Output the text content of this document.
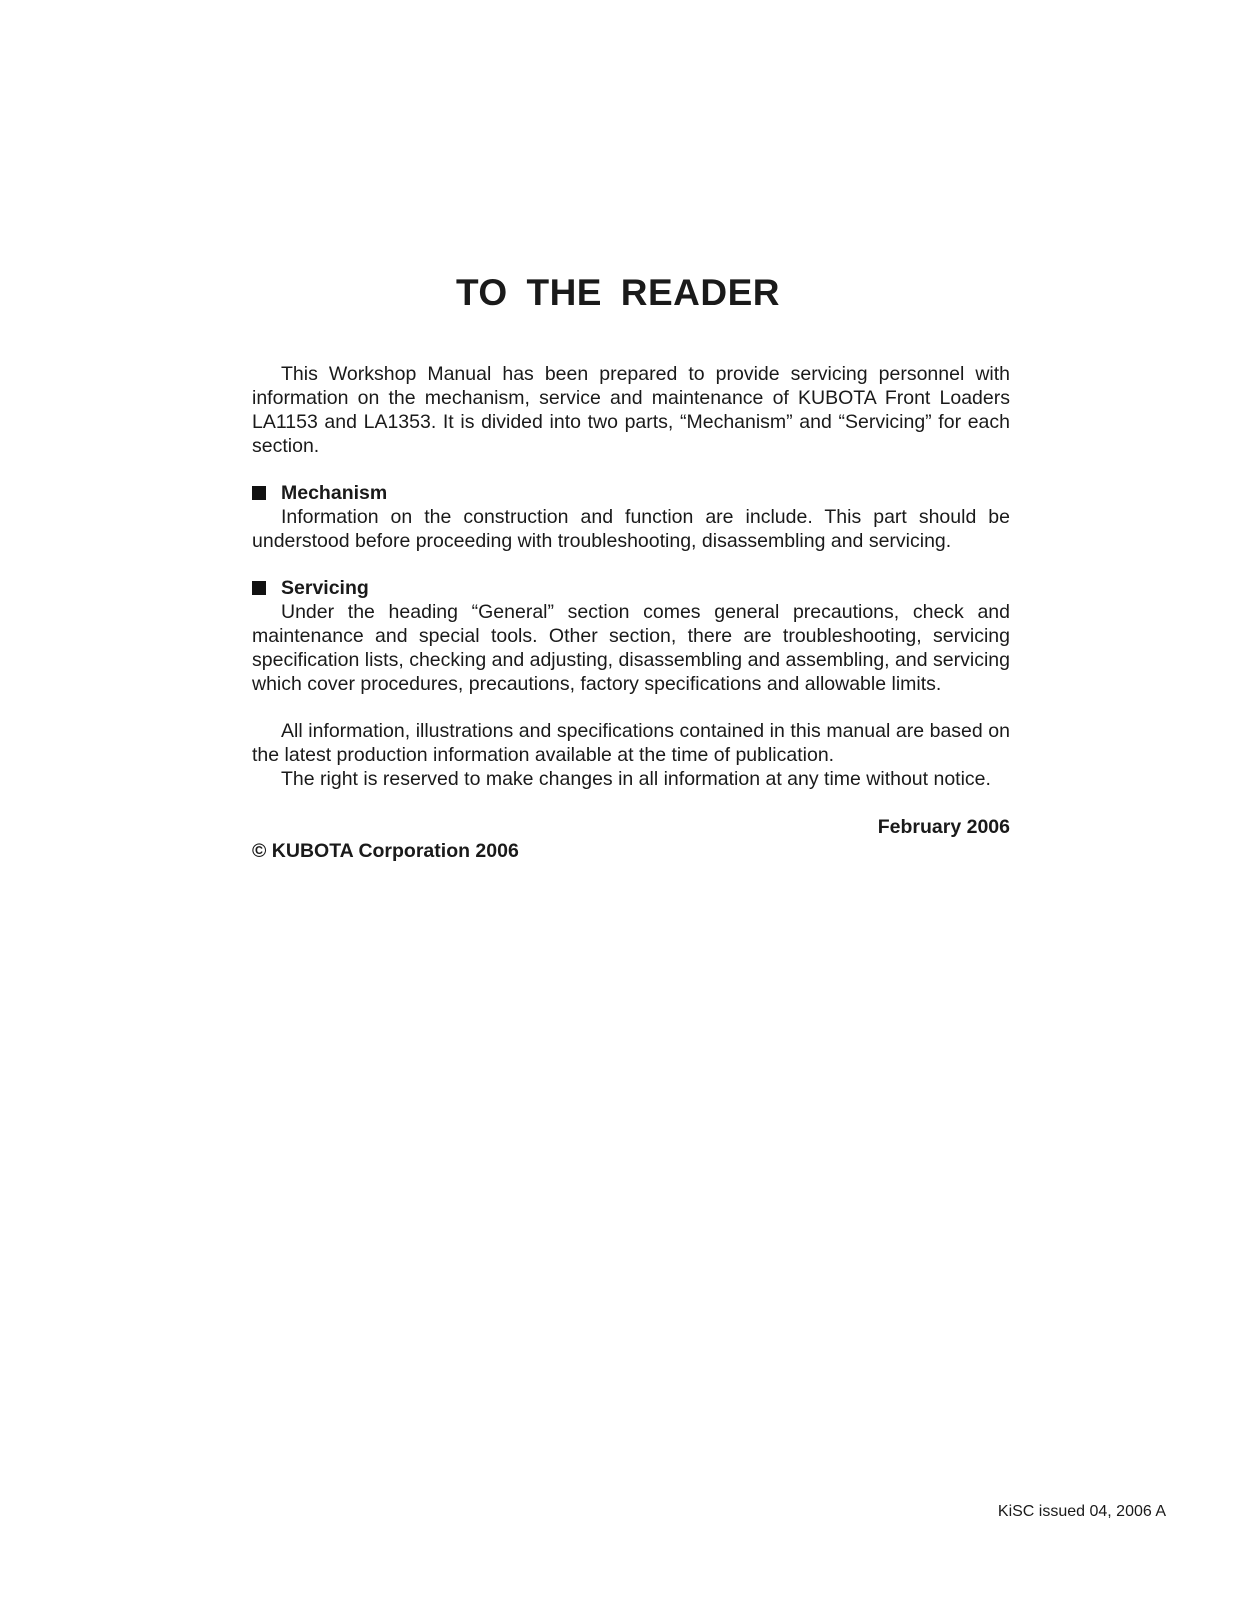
TO THE READER

This Workshop Manual has been prepared to provide servicing personnel with information on the mechanism, service and maintenance of KUBOTA Front Loaders LA1153 and LA1353. It is divided into two parts, “Mechanism” and “Servicing” for each section.

Mechanism

Information on the construction and function are include. This part should be understood before proceeding with troubleshooting, disassembling and servicing.

Servicing

Under the heading “General” section comes general precautions, check and maintenance and special tools. Other section, there are troubleshooting, servicing specification lists, checking and adjusting, disassembling and assembling, and servicing which cover procedures, precautions, factory specifications and allowable limits.

All information, illustrations and specifications contained in this manual are based on the latest production information available at the time of publication.

The right is reserved to make changes in all information at any time without notice.

February 2006

© KUBOTA Corporation 2006

KiSC issued 04, 2006 A
